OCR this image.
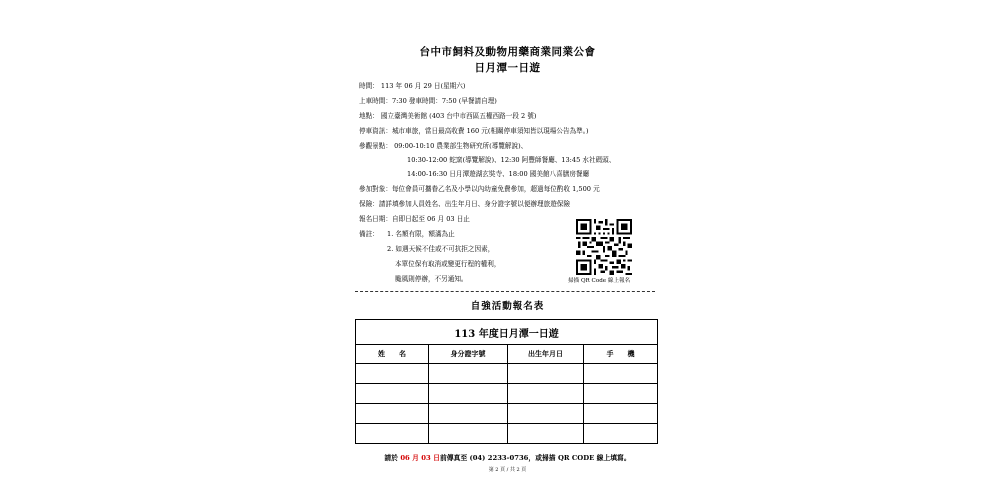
台中市飼料及動物用藥商業同業公會
日月潭一日遊
時間： 113 年 06 月 29 日(星期六)
上車時間：7:30 發車時間：7:50 (早餐請自理)
地點： 國立臺灣美術館 (403 台中市西區五權西路一段 2 號)
停車資訊：城市車旅，當日最高收費 160 元(相關停車須知皆以現場公告為準。)
參觀景點： 09:00-10:10 農業部生物研究所(導覽解說)、
10:30-12:00 蛇窯(導覽解說)、12:30 阿豐師餐廳、13:45 水社碼頭、
14:00-16:30 日月潭遊湖玄奘寺、18:00 國美館八喜膳房餐廳
參加對象：每位會員可攜眷乙名及小學以內幼童免費參加，超過每位酌收 1,500 元
保險：請詳填參加人員姓名、出生年月日、身分證字號以便辦理旅遊保險
報名日期：自即日起至 06 月 03 日止
備註： 1. 名額有限，額滿為止
2. 如遇天候不佳或不可抗拒之因素，
本單位保有取消或變更行程的權利，
颱風則停辦，不另通知。	掃描 QR Code 線上報名
自強活動報名表
113 年度日月潭一日遊			
姓　　名	身分證字號	出生年月日	手　　機

請於 06 月 03 日前傳真至 (04) 2233-0736，或掃描 QR CODE 線上填寫。
第 2 頁 / 共 2 頁
